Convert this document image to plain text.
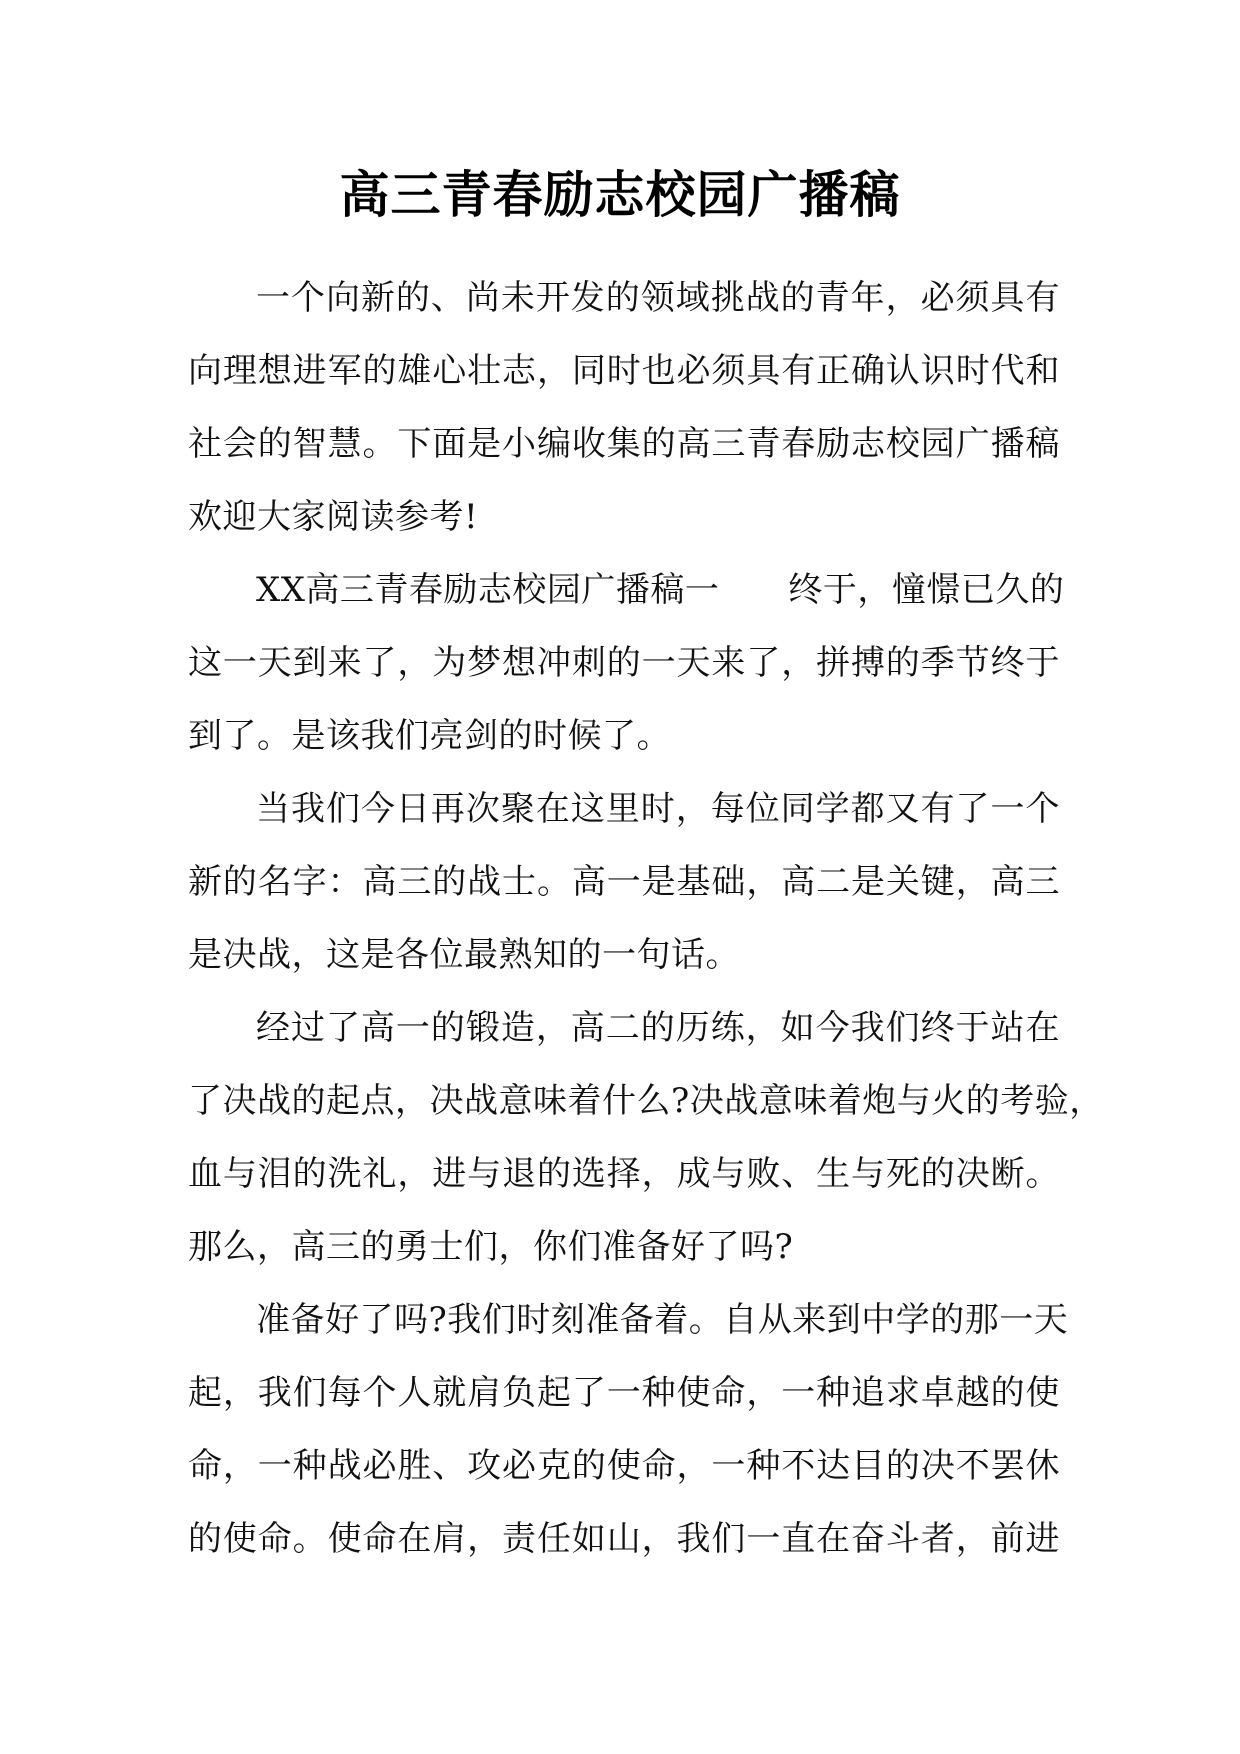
高三青春励志校园广播稿

一个向新的、尚未开发的领域挑战的青年，必须具有
向理想进军的雄心壮志，同时也必须具有正确认识时代和
社会的智慧。下面是小编收集的高三青春励志校园广播稿
欢迎大家阅读参考!

XX高三青春励志校园广播稿一　　终于，憧憬已久的
这一天到来了，为梦想冲刺的一天来了，拼搏的季节终于
到了。是该我们亮剑的时候了。

当我们今日再次聚在这里时，每位同学都又有了一个
新的名字：高三的战士。高一是基础，高二是关键，高三
是决战，这是各位最熟知的一句话。

经过了高一的锻造，高二的历练，如今我们终于站在
了决战的起点，决战意味着什么?决战意味着炮与火的考验，
血与泪的洗礼，进与退的选择，成与败、生与死的决断。
那么，高三的勇士们，你们准备好了吗?

准备好了吗?我们时刻准备着。自从来到中学的那一天
起，我们每个人就肩负起了一种使命，一种追求卓越的使
命，一种战必胜、攻必克的使命，一种不达目的决不罢休
的使命。使命在肩，责任如山，我们一直在奋斗者，前进
